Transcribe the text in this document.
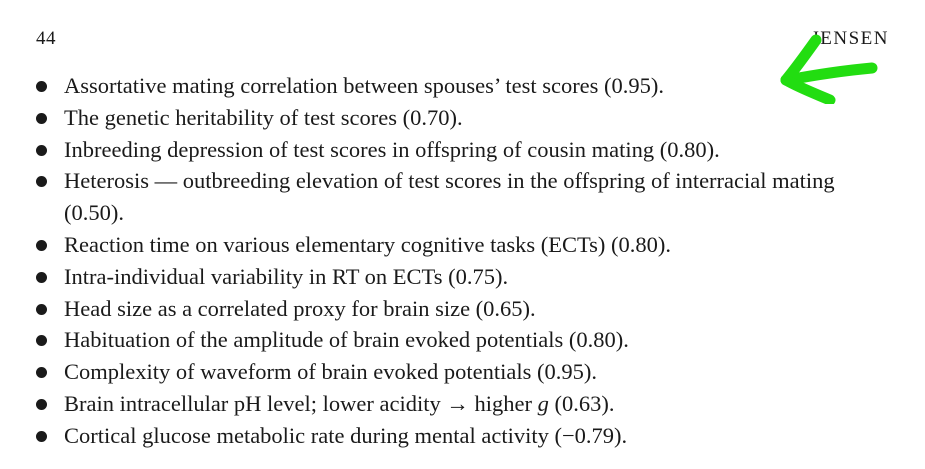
44	JENSEN
Assortative mating correlation between spouses’ test scores (0.95).
The genetic heritability of test scores (0.70).
Inbreeding depression of test scores in offspring of cousin mating (0.80).
Heterosis — outbreeding elevation of test scores in the offspring of interracial mating (0.50).
Reaction time on various elementary cognitive tasks (ECTs) (0.80).
Intra-individual variability in RT on ECTs (0.75).
Head size as a correlated proxy for brain size (0.65).
Habituation of the amplitude of brain evoked potentials (0.80).
Complexity of waveform of brain evoked potentials (0.95).
Brain intracellular pH level; lower acidity → higher g (0.63).
Cortical glucose metabolic rate during mental activity (−0.79).
